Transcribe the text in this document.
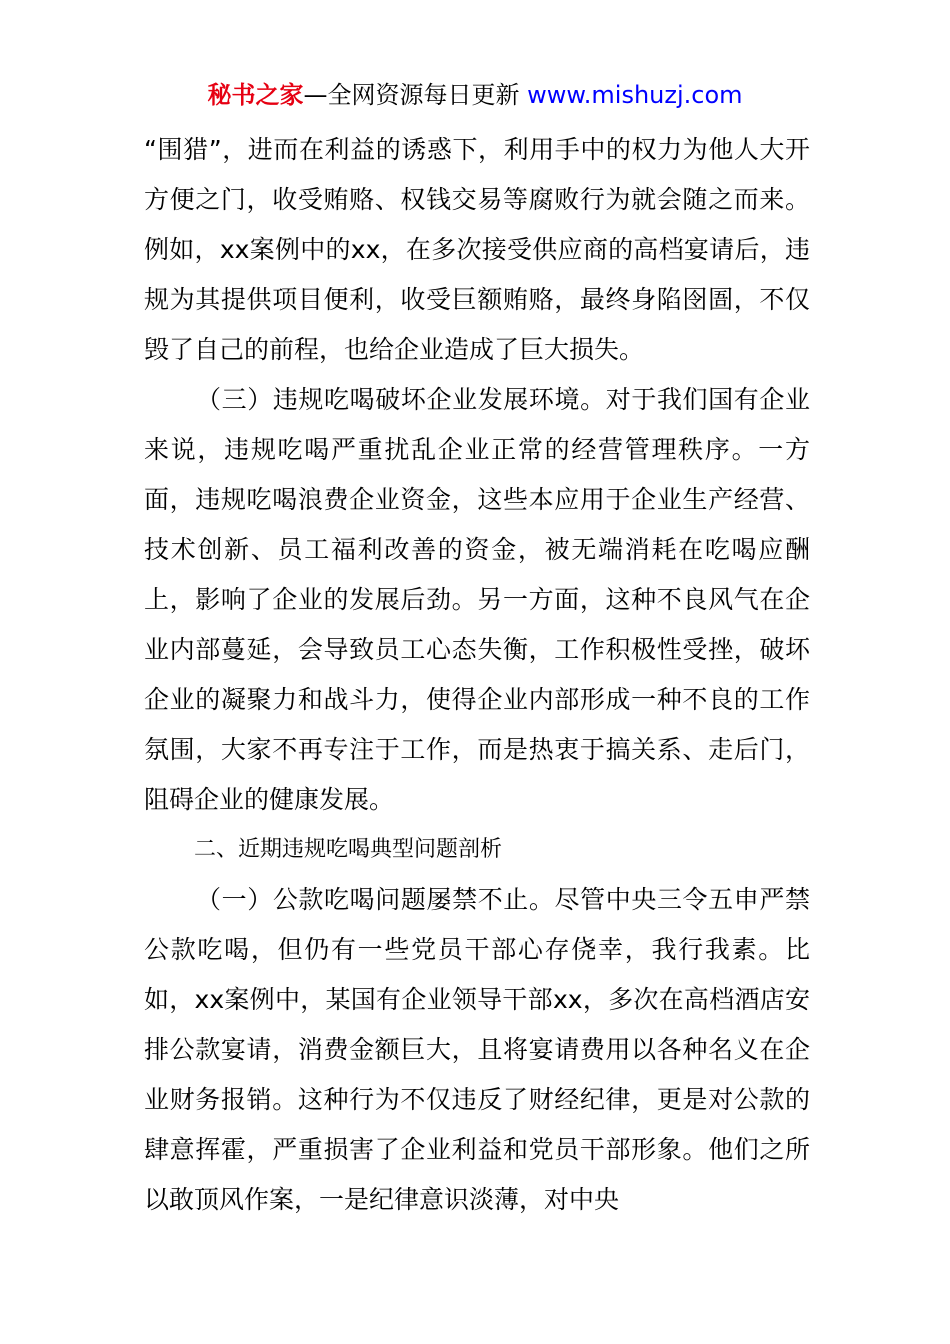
秘书之家—全网资源每日更新 www.mishuzj.com

“围猎”，进而在利益的诱惑下，利用手中的权力为他人大开方便之门，收受贿赂、权钱交易等腐败行为就会随之而来。例如，xx案例中的xx，在多次接受供应商的高档宴请后，违规为其提供项目便利，收受巨额贿赂，最终身陷囹圄，不仅毁了自己的前程，也给企业造成了巨大损失。

（三）违规吃喝破坏企业发展环境。对于我们国有企业来说，违规吃喝严重扰乱企业正常的经营管理秩序。一方面，违规吃喝浪费企业资金，这些本应用于企业生产经营、技术创新、员工福利改善的资金，被无端消耗在吃喝应酬上，影响了企业的发展后劲。另一方面，这种不良风气在企业内部蔓延，会导致员工心态失衡，工作积极性受挫，破坏企业的凝聚力和战斗力，使得企业内部形成一种不良的工作氛围，大家不再专注于工作，而是热衷于搞关系、走后门，阻碍企业的健康发展。

二、近期违规吃喝典型问题剖析

（一）公款吃喝问题屡禁不止。尽管中央三令五申严禁公款吃喝，但仍有一些党员干部心存侥幸，我行我素。比如，xx案例中，某国有企业领导干部xx，多次在高档酒店安排公款宴请，消费金额巨大，且将宴请费用以各种名义在企业财务报销。这种行为不仅违反了财经纪律，更是对公款的肆意挥霍，严重损害了企业利益和党员干部形象。他们之所以敢顶风作案，一是纪律意识淡薄，对中央
